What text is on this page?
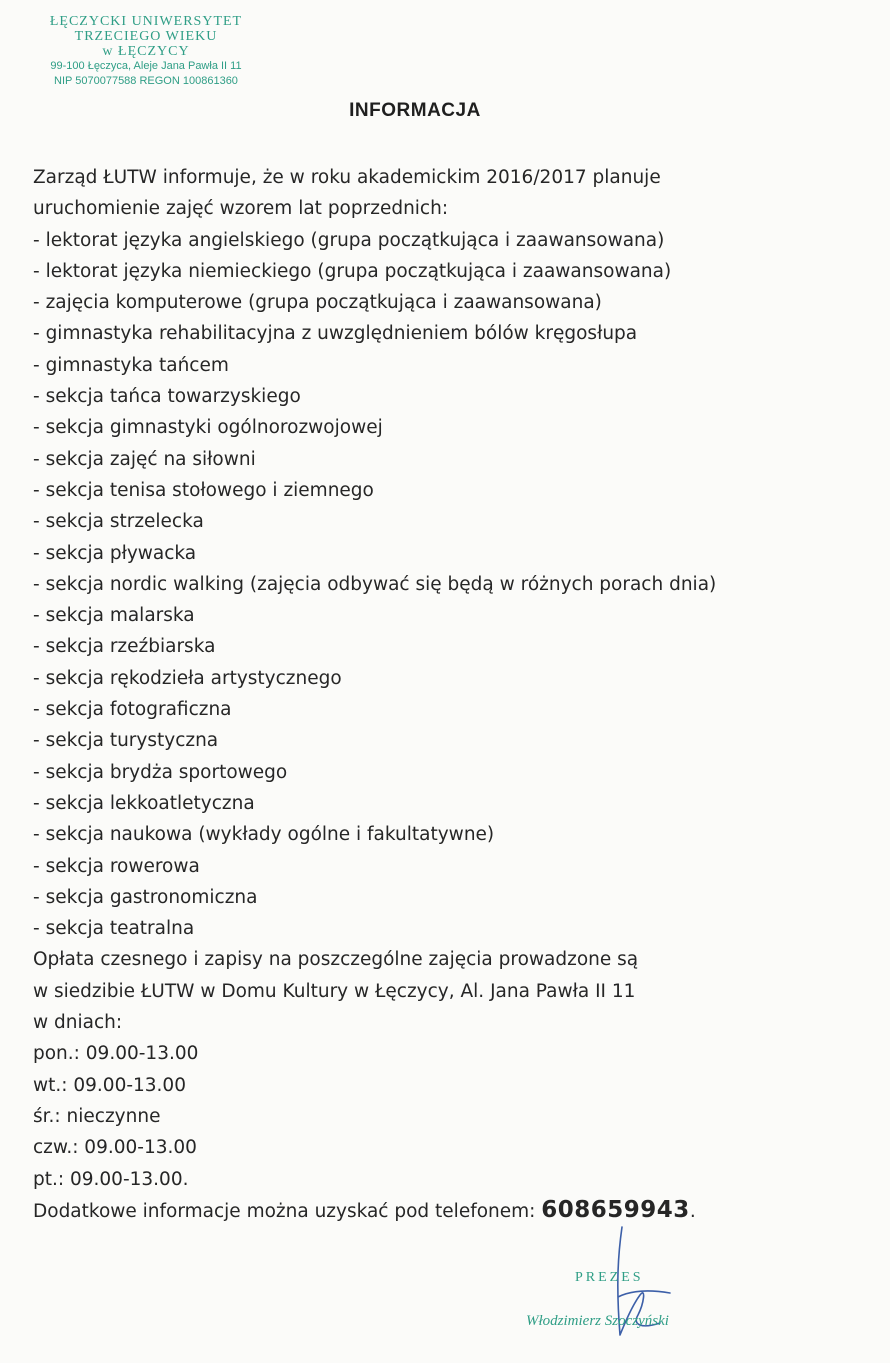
ŁĘCZYCKI UNIWERSYTET
TRZECIEGO WIEKU
w ŁĘCZYCY
99-100 Łęczyca, Aleje Jana Pawła II 11
NIP 5070077588 REGON 100861360
INFORMACJA
Zarząd ŁUTW informuje, że w roku akademickim 2016/2017 planuje
uruchomienie zajęć wzorem lat poprzednich:
- lektorat języka angielskiego (grupa początkująca i zaawansowana)
- lektorat języka niemieckiego (grupa początkująca i zaawansowana)
- zajęcia komputerowe (grupa początkująca i zaawansowana)
- gimnastyka rehabilitacyjna z uwzględnieniem bólów kręgosłupa
- gimnastyka tańcem
- sekcja tańca towarzyskiego
- sekcja gimnastyki ogólnorozwojowej
- sekcja zajęć na siłowni
- sekcja tenisa stołowego i ziemnego
- sekcja strzelecka
- sekcja pływacka
- sekcja nordic walking (zajęcia odbywać się będą w różnych porach dnia)
- sekcja malarska
- sekcja rzeźbiarska
- sekcja rękodzieła artystycznego
- sekcja fotograficzna
- sekcja turystyczna
- sekcja brydża sportowego
- sekcja lekkoatletyczna
- sekcja naukowa (wykłady ogólne i fakultatywne)
- sekcja rowerowa
- sekcja gastronomiczna
- sekcja teatralna
Opłata czesnego i zapisy na poszczególne zajęcia prowadzone są
w siedzibie ŁUTW w Domu Kultury w Łęczycy, Al. Jana Pawła II 11
w dniach:
pon.: 09.00-13.00
wt.: 09.00-13.00
śr.: nieczynne
czw.: 09.00-13.00
pt.: 09.00-13.00.
Dodatkowe informacje można uzyskać pod telefonem: 608659943.
PREZES
Włodzimierz Szoczyński
